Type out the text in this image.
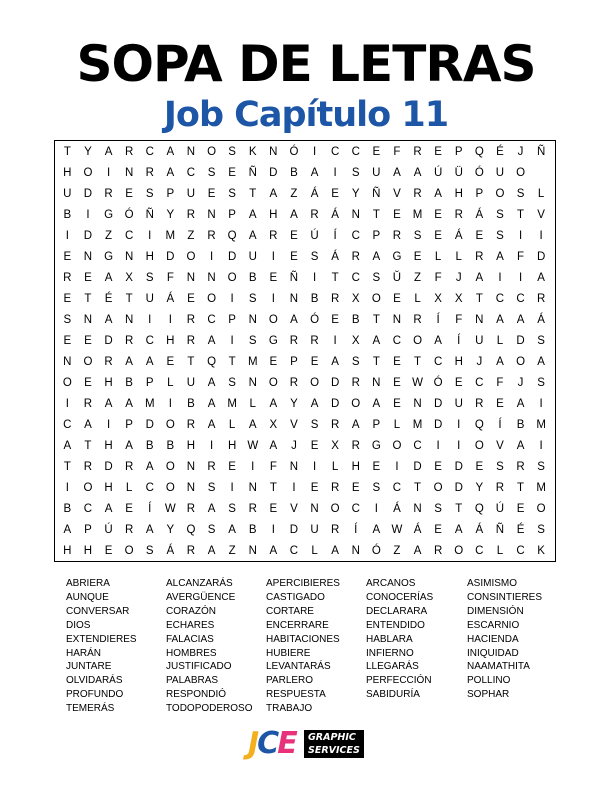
SOPA DE LETRAS
Job Capítulo 11
T	Y	A	R	C	A	N	O	S	K	N	Ó	I	C	C	E	F	R	E	P	Q	É	J	Ñ
H	O	I	N	R	A	C	S	E	Ñ	D	B	A	I	S	U	A	A	Ú	Ü	Ó	U	O
U	D	R	E	S	P	U	E	S	T	A	Z	Á	E	Y	Ñ	V	R	A	H	P	O	S	L
B	I	G	Ó	Ñ	Y	R	N	P	A	H	A	R	Á	N	T	E	M	E	R	Á	S	T	V
I	D	Z	C	I	M	Z	R	Q	A	R	E	Ú	Í	C	P	R	S	E	Á	E	S	I	I
E	N	G	N	H	D	O	I	D	U	I	E	S	Á	R	A	G	E	L	L	R	A	F	D
R	E	A	X	S	F	N	N	O	B	E	Ñ	I	T	C	S	Ŭ	Z	F	J	A	I	I	A
E	T	É	T	U	Á	E	O	I	S	I	N	B	R	X	O	E	L	X	X	T	C	C	R
S	N	A	N	I	I	R	C	P	N	O	A	Ó	E	B	T	N	R	Í	F	N	A	A	Á
E	E	D	R	C	H	R	A	I	S	G	R	R	I	X	A	C	O	A	Í	U	L	D	S
N	O	R	A	A	E	T	Q	T	M	E	P	E	A	S	T	E	T	C	H	J	A	O	A
O	E	H	B	P	L	U	A	S	N	O	R	O	D	R	N	E W Ó	E	C	F	J	S
I	R	A	A	M	I	B	A	M	L	A	Y	A	D	O	A	E	N	D	U	R	E	A	I
C	A	I	P	D	O	R	A	L	A	X	V	S	R	A	P	L	M	D	I	Q	Í	B	M
A	T	H	A	B	B	H	I	H W A	J	E	X	R	G	O	C	I	I	O	V	A	I
T	R	D	R	A	O	N	R	E	I	F	N	I	L	H	E	I	D	E	D	E	S	R	S
I	O	H	L	C	O	N	S	I	N	T	I	E	R	E	S	C	T	O	D	Y	R	T	M
B	C	A	E	Í	W R	A	S	R	E	V	N	O	C	I	Á	N	S	T	Q	Ú	E	O
A	P	Ú	R	A	Y	Q	S	A	B	I	D	U	R	Í	A W Á	E	A	Á	Ñ	É	S
H	H	E	O	S	Á	R	A	Z	N	A	C	L	A	N	Ó	Z	A	R	O	C	L	C	K
ABRIERA
AUNQUE
CONVERSAR
DIOS
EXTENDIERES
HARÁN
JUNTARE
OLVIDARÁS
PROFUNDO
TEMERÁS
ALCANZARÁS
AVERGÜENCE
CORAZÓN
ECHARES
FALACIAS
HOMBRES
JUSTIFICADO
PALABRAS
RESPONDIÓ
TODOPODEROSO
APERCIBIERES
CASTIGADO
CORTARE
ENCERRARE
HABITACIONES
HUBIERE
LEVANTARÁS
PARLERO
RESPUESTA
TRABAJO
ARCANOS
CONOCERÍAS
DECLARARA
ENTENDIDO
HABLARA
INFIERNO
LLEGARÁS
PERFECCIÓN
SABIDURÍA
ASIMISMO
CONSINTIERES
DIMENSIÓN
ESCARNIO
HACIENDA
INIQUIDAD
NAAMATHITA
POLLINO
SOPHAR
JCE GRAPHIC
SERVICES
